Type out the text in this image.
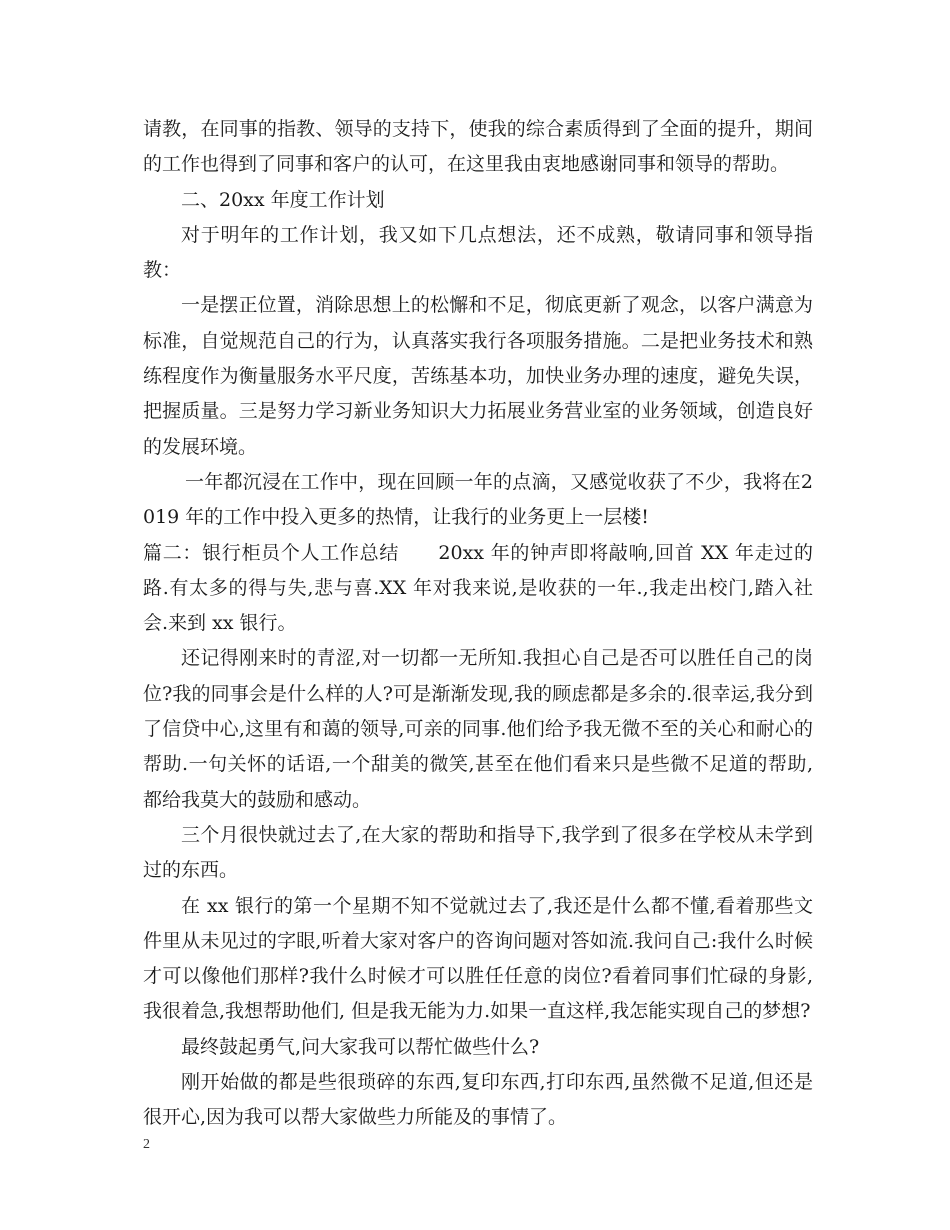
请教，在同事的指教、领导的支持下，使我的综合素质得到了全面的提升，期间的工作也得到了同事和客户的认可，在这里我由衷地感谢同事和领导的帮助。

二、20xx 年度工作计划

对于明年的工作计划，我又如下几点想法，还不成熟，敬请同事和领导指教：

一是摆正位置，消除思想上的松懈和不足，彻底更新了观念，以客户满意为标准，自觉规范自己的行为，认真落实我行各项服务措施。二是把业务技术和熟练程度作为衡量服务水平尺度，苦练基本功，加快业务办理的速度，避免失误，把握质量。三是努力学习新业务知识大力拓展业务营业室的业务领域，创造良好的发展环境。

一年都沉浸在工作中，现在回顾一年的点滴，又感觉收获了不少，我将在2019 年的工作中投入更多的热情，让我行的业务更上一层楼!

篇二：银行柜员个人工作总结　　20xx 年的钟声即将敲响,回首 XX 年走过的路.有太多的得与失,悲与喜.XX 年对我来说,是收获的一年.,我走出校门,踏入社会.来到 xx 银行。

还记得刚来时的青涩,对一切都一无所知.我担心自己是否可以胜任自己的岗位?我的同事会是什么样的人?可是渐渐发现,我的顾虑都是多余的.很幸运,我分到了信贷中心,这里有和蔼的领导,可亲的同事.他们给予我无微不至的关心和耐心的帮助.一句关怀的话语,一个甜美的微笑,甚至在他们看来只是些微不足道的帮助,都给我莫大的鼓励和感动。

三个月很快就过去了,在大家的帮助和指导下,我学到了很多在学校从未学到过的东西。

在 xx 银行的第一个星期不知不觉就过去了,我还是什么都不懂,看着那些文件里从未见过的字眼,听着大家对客户的咨询问题对答如流.我问自己:我什么时候才可以像他们那样?我什么时候才可以胜任任意的岗位?看着同事们忙碌的身影,我很着急,我想帮助他们, 但是我无能为力.如果一直这样,我怎能实现自己的梦想?

最终鼓起勇气,问大家我可以帮忙做些什么?

刚开始做的都是些很琐碎的东西,复印东西,打印东西,虽然微不足道,但还是很开心,因为我可以帮大家做些力所能及的事情了。

2
